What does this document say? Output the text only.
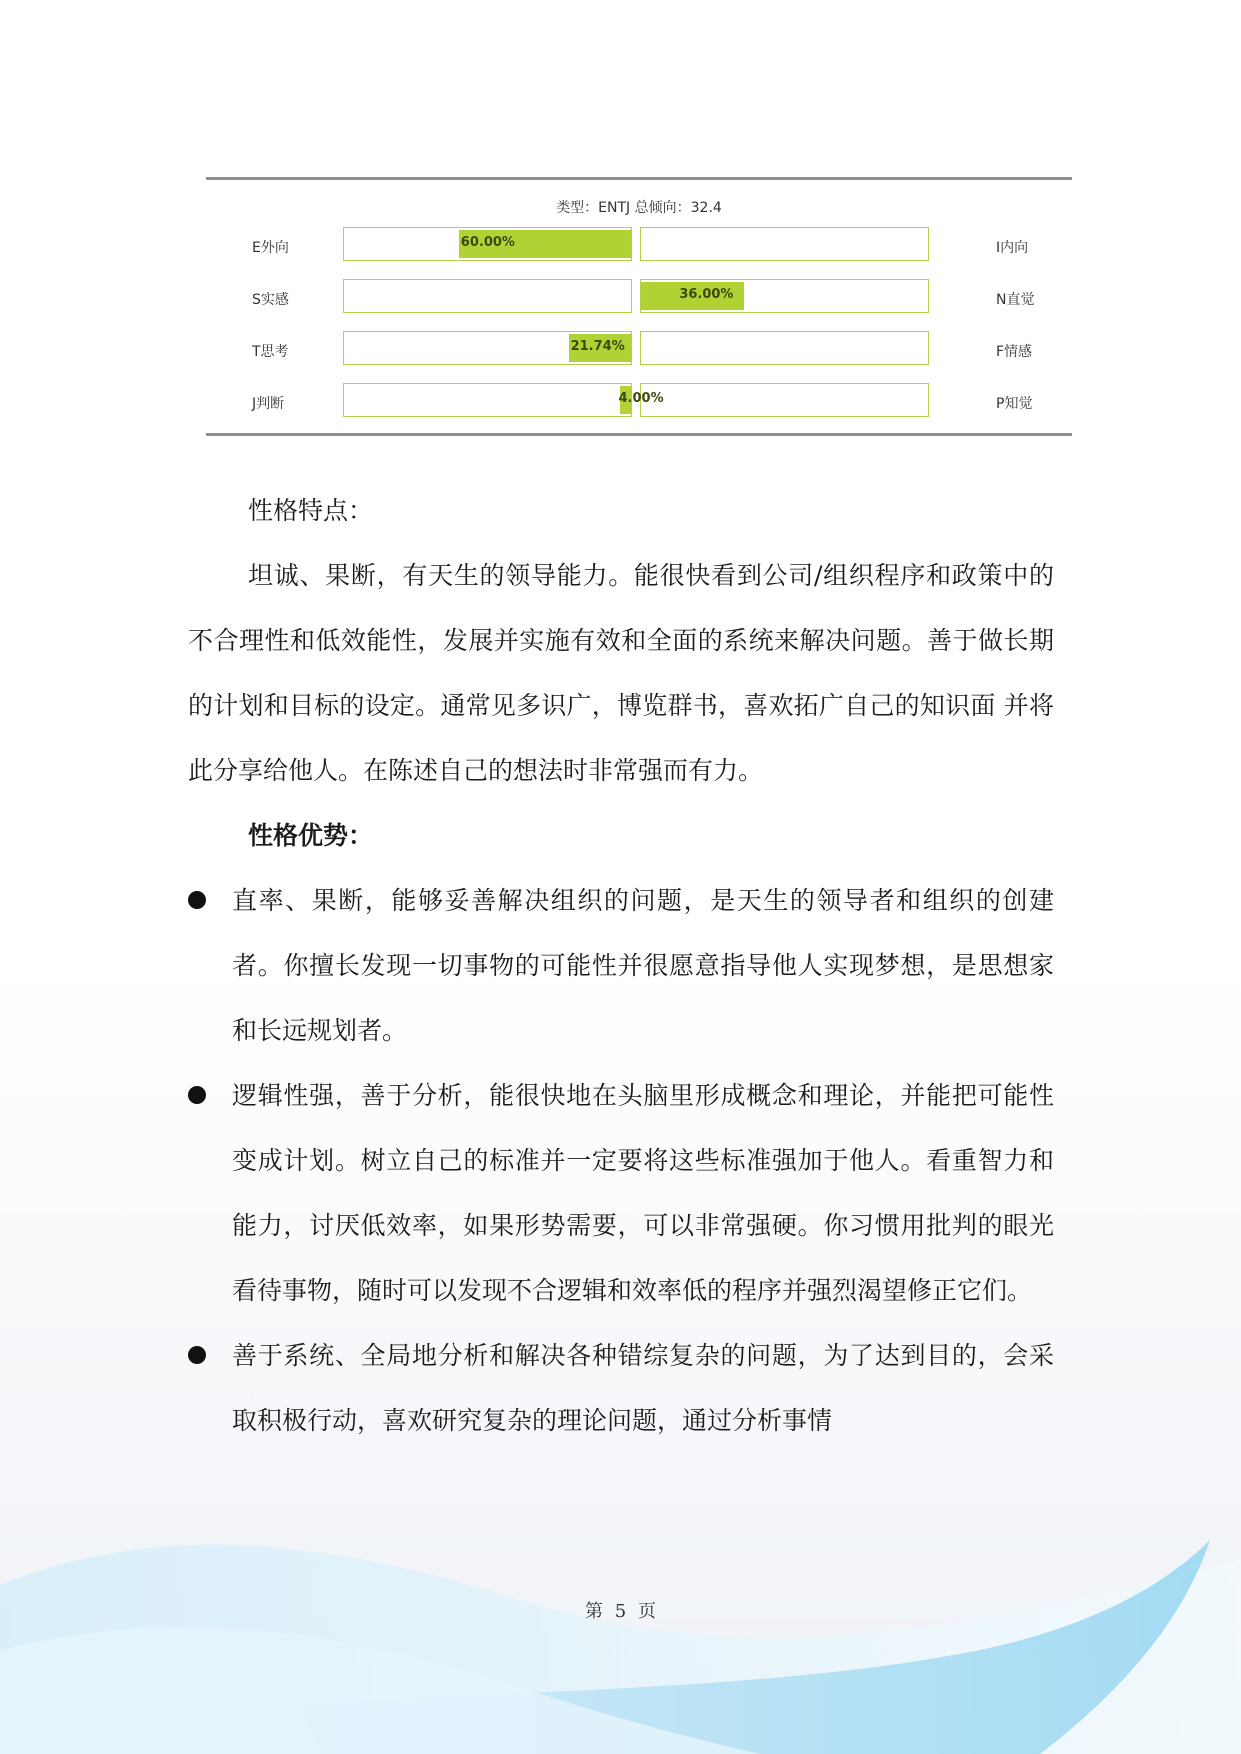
类型：ENTJ 总倾向：32.4
60.00%
E外向	I内向
36.00%
S实感	N直觉
21.74%
T思考	F情感
4.00%
J判断	P知觉

性格特点：

坦诚、果断，有天生的领导能力。能很快看到公司/组织程序和政策中的不合理性和低效能性，发展并实施有效和全面的系统来解决问题。善于做长期的计划和目标的设定。通常见多识广，博览群书，喜欢拓广自己的知识面 并将此分享给他人。在陈述自己的想法时非常强而有力。

性格优势：

直率、果断，能够妥善解决组织的问题，是天生的领导者和组织的创建者。你擅长发现一切事物的可能性并很愿意指导他人实现梦想，是思想家和长远规划者。
逻辑性强，善于分析，能很快地在头脑里形成概念和理论，并能把可能性变成计划。树立自己的标准并一定要将这些标准强加于他人。看重智力和能力，讨厌低效率，如果形势需要，可以非常强硬。你习惯用批判的眼光看待事物，随时可以发现不合逻辑和效率低的程序并强烈渴望修正它们。
善于系统、全局地分析和解决各种错综复杂的问题，为了达到目的，会采取积极行动，喜欢研究复杂的理论问题，通过分析事情
第 5 页
